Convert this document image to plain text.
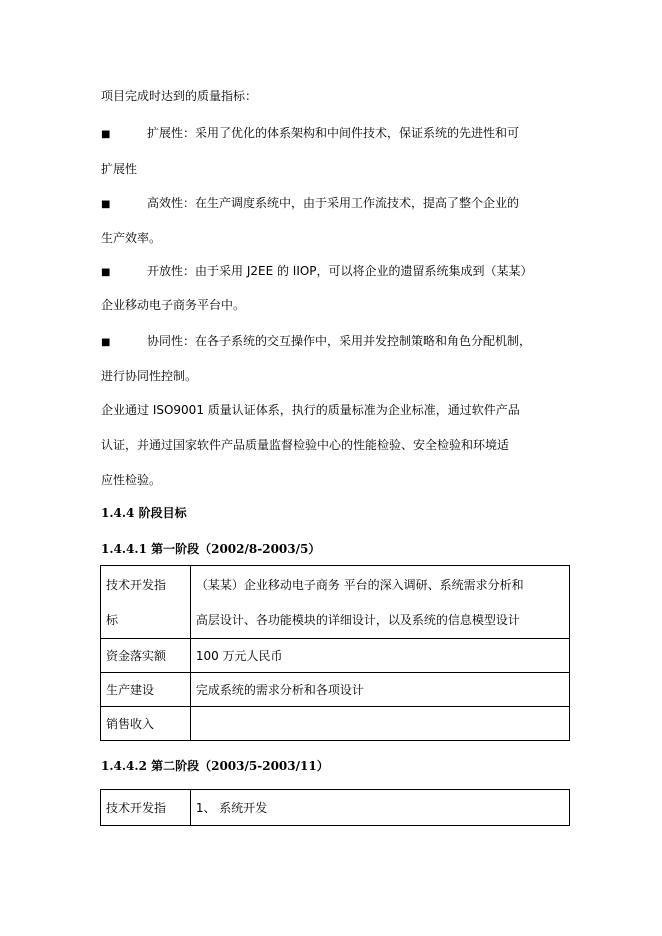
项目完成时达到的质量指标：
■	扩展性：采用了优化的体系架构和中间件技术，保证系统的先进性和可
扩展性
■	高效性：在生产调度系统中，由于采用工作流技术，提高了整个企业的
生产效率。
■	开放性：由于采用 J2EE 的 IIOP，可以将企业的遗留系统集成到（某某）
企业移动电子商务平台中。
■	协同性：在各子系统的交互操作中，采用并发控制策略和角色分配机制，
进行协同性控制。
企业通过 ISO9001 质量认证体系，执行的质量标准为企业标准，通过软件产品
认证，并通过国家软件产品质量监督检验中心的性能检验、安全检验和环境适
应性检验。
1.4.4 阶段目标
1.4.4.1 第一阶段（2002/8-2003/5）
技术开发指
标	（某某）企业移动电子商务 平台的深入调研、系统需求分析和
高层设计、各功能模块的详细设计，以及系统的信息模型设计

资金落实额	100 万元人民币
生产建设	完成系统的需求分析和各项设计
销售收入	
1.4.4.2 第二阶段（2003/5-2003/11）
技术开发指	1、 系统开发
